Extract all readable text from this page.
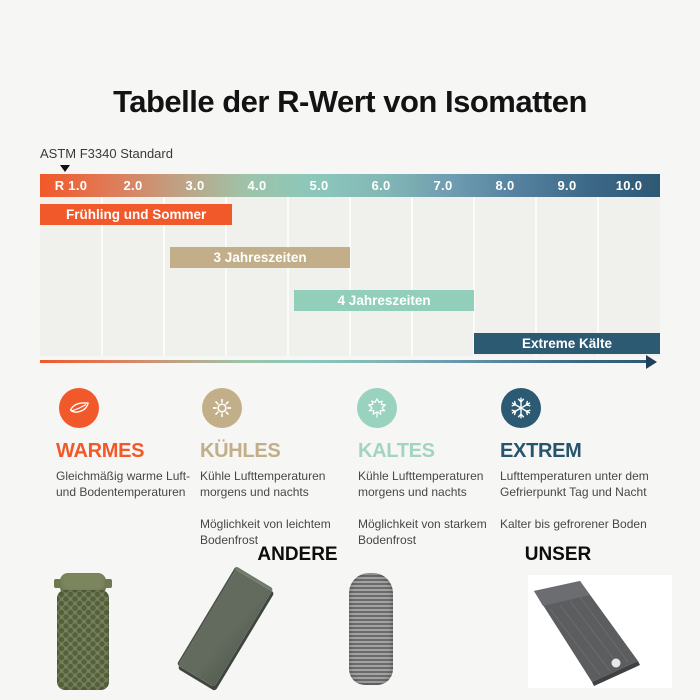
Tabelle der R-Wert von Isomatten
ASTM F3340 Standard
R 1.0	2.0	3.0	4.0	5.0	6.0	7.0	8.0	9.0	10.0
Frühling und Sommer
3 Jahreszeiten
4 Jahreszeiten
Extreme Kälte
WARMES

Gleichmäßig warme Luft- und Bodentemperaturen

KÜHLES

Kühle Lufttemperaturen morgens und nachts

Möglichkeit von leichtem Bodenfrost

KALTES

Kühle Lufttemperaturen morgens und nachts

Möglichkeit von starkem Bodenfrost

EXTREM

Lufttemperaturen unter dem Gefrierpunkt Tag und Nacht

Kalter bis gefrorener Boden

ANDERE	UNSER
